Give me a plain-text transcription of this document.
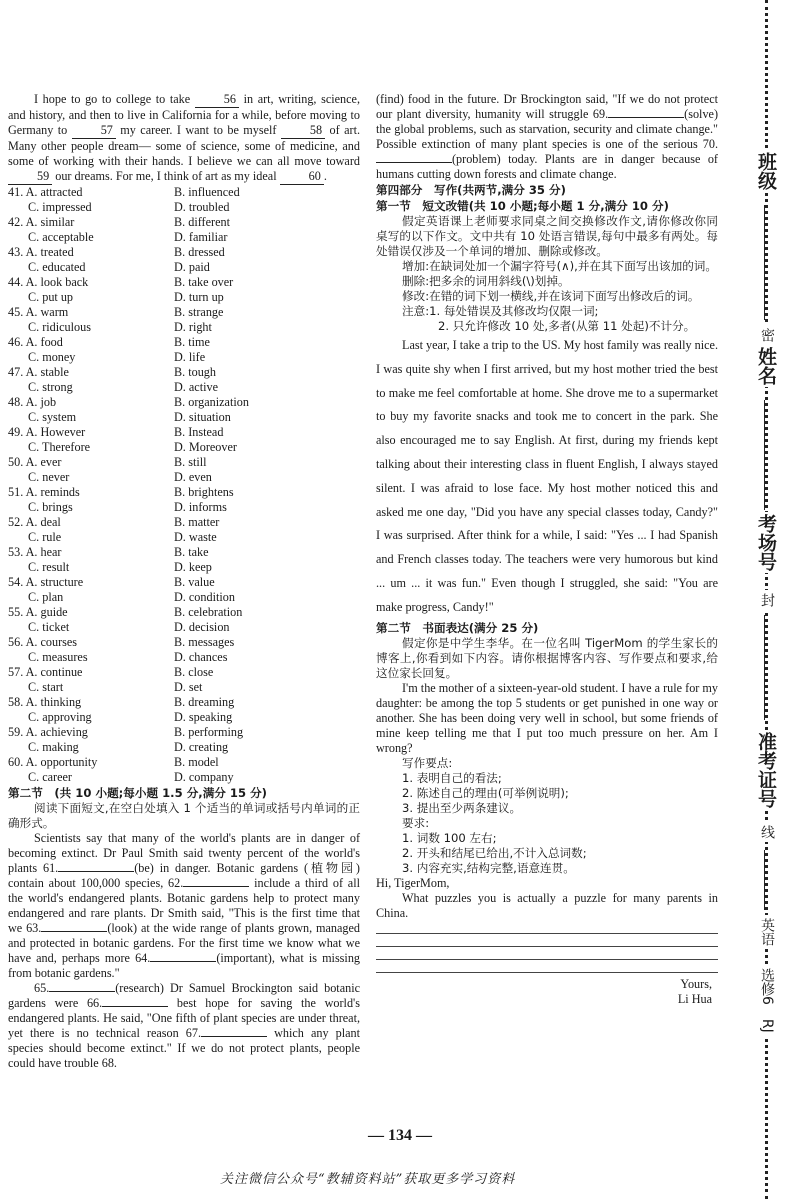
I hope to go to college to take 56 in art, writing, science, and history, and then to live in California for a while, before moving to Germany to 57 my career. I want to be myself 58 of art. Many other people dream— some of science, some of medicine, and some of working with their hands. I believe we can all move toward 59 our dreams. For me, I think of art as my ideal 60 .

41. A. attracted	B. influenced
C. impressed	D. troubled
42. A. similar	B. different
C. acceptable	D. familiar
43. A. treated	B. dressed
C. educated	D. paid
44. A. look back	B. take over
C. put up	D. turn up
45. A. warm	B. strange
C. ridiculous	D. right
46. A. food	B. time
C. money	D. life
47. A. stable	B. tough
C. strong	D. active
48. A. job	B. organization
C. system	D. situation
49. A. However	B. Instead
C. Therefore	D. Moreover
50. A. ever	B. still
C. never	D. even
51. A. reminds	B. brightens
C. brings	D. informs
52. A. deal	B. matter
C. rule	D. waste
53. A. hear	B. take
C. result	D. keep
54. A. structure	B. value
C. plan	D. condition
55. A. guide	B. celebration
C. ticket	D. decision
56. A. courses	B. messages
C. measures	D. chances
57. A. continue	B. close
C. start	D. set
58. A. thinking	B. dreaming
C. approving	D. speaking
59. A. achieving	B. performing
C. making	D. creating
60. A. opportunity	B. model
C. career	D. company
第二节　(共 10 小题;每小题 1.5 分,满分 15 分)

阅读下面短文,在空白处填入 1 个适当的单词或括号内单词的正确形式。

Scientists say that many of the world's plants are in danger of becoming extinct. Dr Paul Smith said twenty percent of the world's plants 61.	(be) in danger. Botanic gardens (植物园) contain about 100,000 species, 62.	include a third of all the world's endangered plants. Botanic gardens help to protect many endangered and rare plants. Dr Smith said, "This is the first time that we 63.	(look) at the wide range of plants grown, managed and protected in botanic gardens. For the first time we know what we have and, perhaps more 64.	(important), what is missing from botanic gardens."

65.	(research) Dr Samuel Brockington said botanic gardens were 66.	best hope for saving the world's endangered plants. He said, "One fifth of plant species are under threat, yet there is no technical reason 67.	which any plant species should become extinct." If we do not protect plants, people could have trouble 68.

(find) food in the future. Dr Brockington said, "If we do not protect our plant diversity, humanity will struggle 69.	(solve) the global problems, such as starvation, security and climate change." Possible extinction of many plant species is one of the serious 70.(problem) today. Plants are in danger because of humans cutting down forests and climate change.

第四部分　写作(共两节,满分 35 分)
第一节　短文改错(共 10 小题;每小题 1 分,满分 10 分)

假定英语课上老师要求同桌之间交换修改作文,请你修改你同桌写的以下作文。文中共有 10 处语言错误,每句中最多有两处。每处错误仅涉及一个单词的增加、删除或修改。

增加:在缺词处加一个漏字符号(∧),并在其下面写出该加的词。

删除:把多余的词用斜线(\)划掉。

修改:在错的词下划一横线,并在该词下面写出修改后的词。

注意:1. 每处错误及其修改均仅限一词;

2. 只允许修改 10 处,多者(从第 11 处起)不计分。

Last year, I take a trip to the US. My host family was really nice. I was quite shy when I first arrived, but my host mother tried the best to make me feel comfortable at home. She drove me to a supermarket to buy my favorite snacks and took me to concert in the park. She also encouraged me to say English. At first, during my friends kept talking about their interesting class in fluent English, I always stayed silent. I was afraid to lose face. My host mother noticed this and asked me one day, "Did you have any special classes today, Candy?" I was surprised. After think for a while, I said: "Yes ... I had Spanish and French classes today. The teachers were very humorous but kind ... um ... it was fun." Even though I struggled, she said: "You are make progress, Candy!"

第二节　书面表达(满分 25 分)

假定你是中学生李华。在一位名叫 TigerMom 的学生家长的博客上,你看到如下内容。请你根据博客内容、写作要点和要求,给这位家长回复。

I'm the mother of a sixteen-year-old student. I have a rule for my daughter: be among the top 5 students or get punished in one way or another. She has been doing very well in school, but some friends of mine keep telling me that I put too much pressure on her. Am I wrong?

写作要点:
1. 表明自己的看法;
2. 陈述自己的理由(可举例说明);
3. 提出至少两条建议。
要求:
1. 词数 100 左右;
2. 开头和结尾已给出,不计入总词数;
3. 内容充实,结构完整,语意连贯。
Hi, TigerMom,

What puzzles you is actually a puzzle for many parents in China.

Yours,
Li Hua
— 134 —
关注微信公众号“教辅资料站”获取更多学习资料
班级
密
姓名
考场号
封
准考证号
线
英语
选修6　RJ
